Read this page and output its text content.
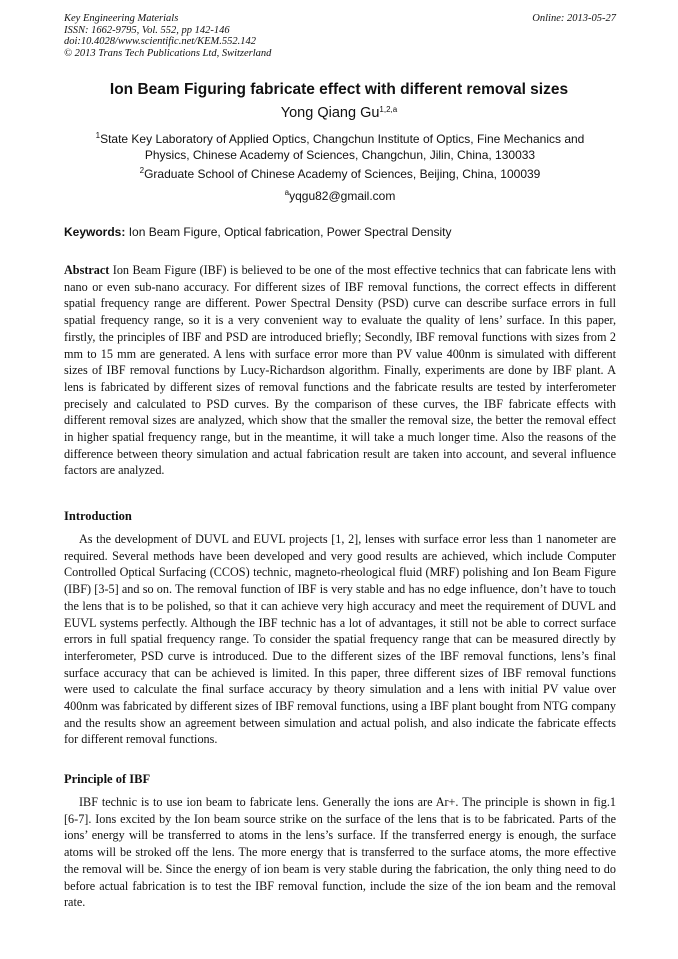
Key Engineering Materials
ISSN: 1662-9795, Vol. 552, pp 142-146
doi:10.4028/www.scientific.net/KEM.552.142
© 2013 Trans Tech Publications Ltd, Switzerland
Online: 2013-05-27
Ion Beam Figuring fabricate effect with different removal sizes
Yong Qiang Gu$^{1,2,a}$
$^1$State Key Laboratory of Applied Optics, Changchun Institute of Optics, Fine Mechanics and Physics, Chinese Academy of Sciences, Changchun, Jilin, China, 130033
$^2$Graduate School of Chinese Academy of Sciences, Beijing, China, 100039
$^a$yqgu82@gmail.com
Keywords: Ion Beam Figure, Optical fabrication, Power Spectral Density
Abstract Ion Beam Figure (IBF) is believed to be one of the most effective technics that can fabricate lens with nano or even sub-nano accuracy. For different sizes of IBF removal functions, the correct effects in different spatial frequency range are different. Power Spectral Density (PSD) curve can describe surface errors in full spatial frequency range, so it is a very convenient way to evaluate the quality of lens’ surface. In this paper, firstly, the principles of IBF and PSD are introduced briefly; Secondly, IBF removal functions with sizes from 2 mm to 15 mm are generated. A lens with surface error more than PV value 400nm is simulated with different sizes of IBF removal functions by Lucy-Richardson algorithm. Finally, experiments are done by IBF plant. A lens is fabricated by different sizes of removal functions and the fabricate results are tested by interferometer precisely and calculated to PSD curves. By the comparison of these curves, the IBF fabricate effects with different removal sizes are analyzed, which show that the smaller the removal size, the better the removal effect in higher spatial frequency range, but in the meantime, it will take a much longer time. Also the reasons of the difference between theory simulation and actual fabrication result are taken into account, and several influence factors are analyzed.
Introduction
As the development of DUVL and EUVL projects [1, 2], lenses with surface error less than 1 nanometer are required. Several methods have been developed and very good results are achieved, which include Computer Controlled Optical Surfacing (CCOS) technic, magneto-rheological fluid (MRF) polishing and Ion Beam Figure (IBF) [3-5] and so on. The removal function of IBF is very stable and has no edge influence, don’t have to touch the lens that is to be polished, so that it can achieve very high accuracy and meet the requirement of DUVL and EUVL systems perfectly. Although the IBF technic has a lot of advantages, it still not be able to correct surface errors in full spatial frequency range. To consider the spatial frequency range that can be measured directly by interferometer, PSD curve is introduced. Due to the different sizes of the IBF removal functions, lens’s final surface accuracy that can be achieved is limited. In this paper, three different sizes of IBF removal functions were used to calculate the final surface accuracy by theory simulation and a lens with initial PV value over 400nm was fabricated by different sizes of IBF removal functions, using a IBF plant bought from NTG company and the results show an agreement between simulation and actual polish, and also indicate the fabricate effects for different removal functions.
Principle of IBF
IBF technic is to use ion beam to fabricate lens. Generally the ions are Ar+. The principle is shown in fig.1 [6-7]. Ions excited by the Ion beam source strike on the surface of the lens that is to be fabricated. Parts of the ions’ energy will be transferred to atoms in the lens’s surface. If the transferred energy is enough, the surface atoms will be stroked off the lens. The more energy that is transferred to the surface atoms, the more effective the removal will be. Since the energy of ion beam is very stable during the fabrication, the only thing need to do before actual fabrication is to test the IBF removal function, include the size of the ion beam and the removal rate.
